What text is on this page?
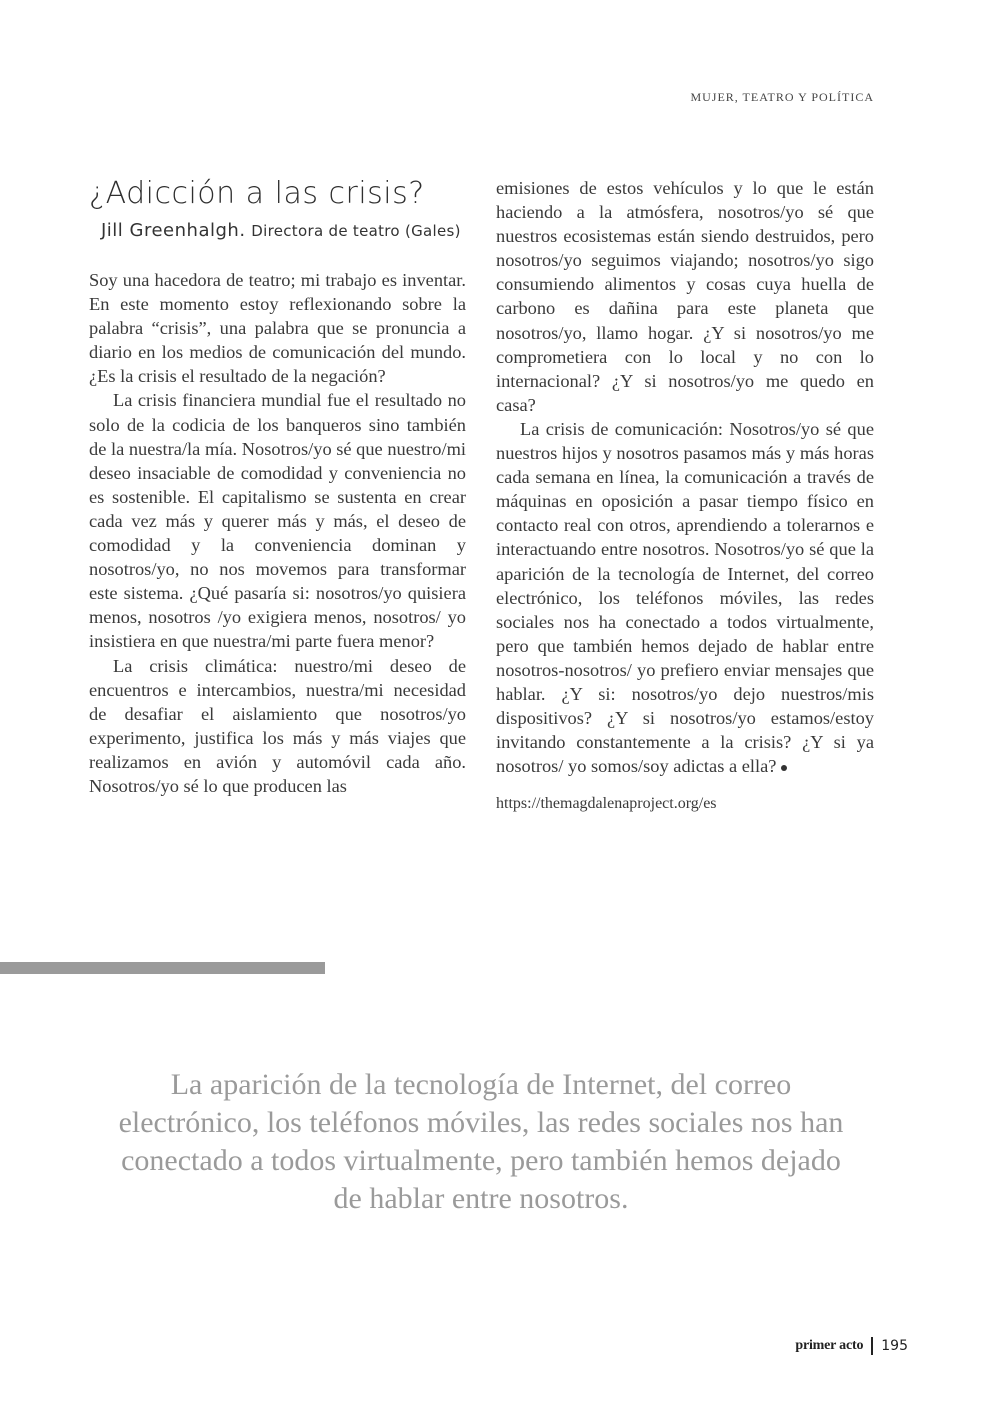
MUJER, TEATRO Y POLÍTICA
¿Adicción a las crisis?
Jill Greenhalgh. Directora de teatro (Gales)

Soy una hacedora de teatro; mi trabajo es inventar. En este momento estoy reflexionando sobre la palabra “crisis”, una palabra que se pronuncia a diario en los medios de comunicación del mundo. ¿Es la crisis el resultado de la negación?

La crisis financiera mundial fue el resultado no solo de la codicia de los banqueros sino también de la nuestra/la mía. Nosotros/yo sé que nuestro/mi deseo insaciable de comodidad y conveniencia no es sostenible. El capitalismo se sustenta en crear cada vez más y querer más y más, el deseo de comodidad y la conveniencia dominan y nosotros/yo, no nos movemos para transformar este sistema. ¿Qué pasaría si: nosotros/yo quisiera menos, nosotros /yo exigiera menos, nosotros/ yo insistiera en que nuestra/mi parte fuera menor?

La crisis climática: nuestro/mi deseo de encuentros e intercambios, nuestra/mi necesidad de desafiar el aislamiento que nosotros/yo experimento, justifica los más y más viajes que realizamos en avión y automóvil cada año. Nosotros/yo sé lo que producen las

emisiones de estos vehículos y lo que le están haciendo a la atmósfera, nosotros/yo sé que nuestros ecosistemas están siendo destruidos, pero nosotros/yo seguimos viajando; nosotros/yo sigo consumiendo alimentos y cosas cuya huella de carbono es dañina para este planeta que nosotros/yo, llamo hogar. ¿Y si nosotros/yo me comprometiera con lo local y no con lo internacional? ¿Y si nosotros/yo me quedo en casa?

La crisis de comunicación: Nosotros/yo sé que nuestros hijos y nosotros pasamos más y más horas cada semana en línea, la comunicación a través de máquinas en oposición a pasar tiempo físico en contacto real con otros, aprendiendo a tolerarnos e interactuando entre nosotros. Nosotros/yo sé que la aparición de la tecnología de Internet, del correo electrónico, los teléfonos móviles, las redes sociales nos ha conectado a todos virtualmente, pero que también hemos dejado de hablar entre nosotros-nosotros/ yo prefiero enviar mensajes que hablar. ¿Y si: nosotros/yo dejo nuestros/mis dispositivos? ¿Y si nosotros/yo estamos/estoy invitando constantemente a la crisis? ¿Y si ya nosotros/ yo somos/soy adictas a ella?

https://themagdalenaproject.org/es

La aparición de la tecnología de Internet, del correo electrónico, los teléfonos móviles, las redes sociales nos han conectado a todos virtualmente, pero también hemos dejado de hablar entre nosotros.
primer acto 195
